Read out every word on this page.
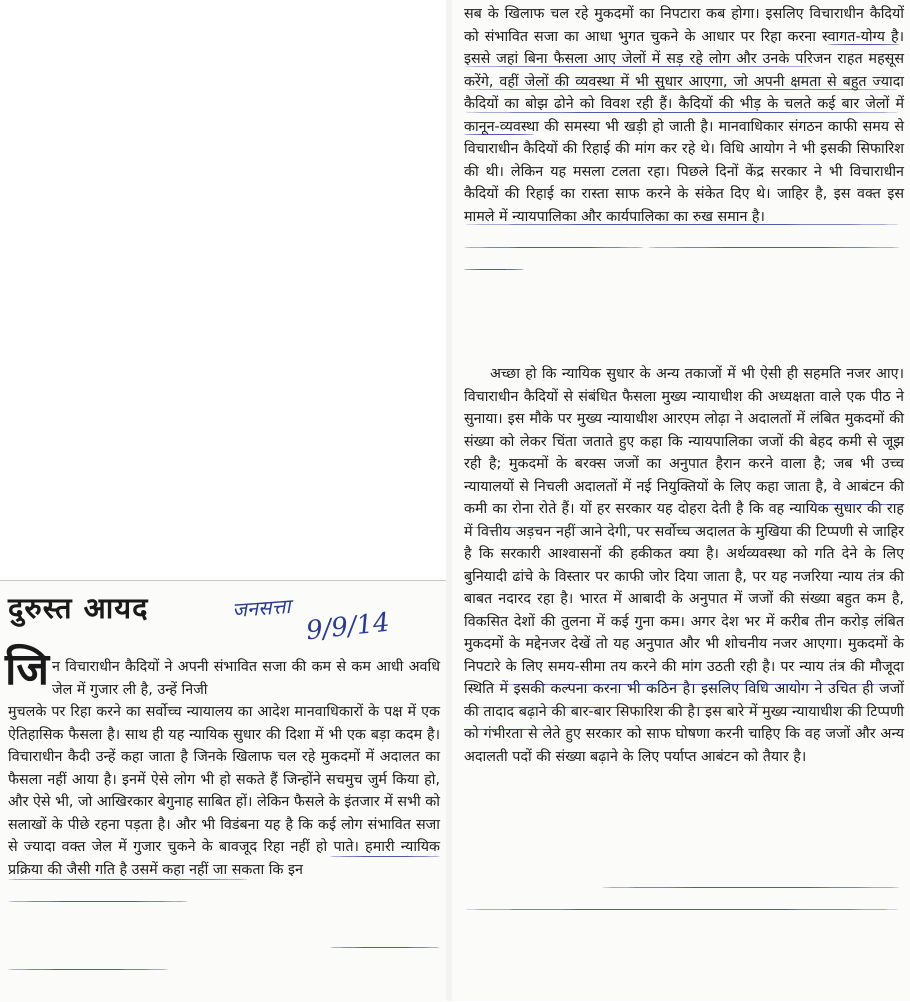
सब के खिलाफ चल रहे मुकदमों का निपटारा कब होगा। इसलिए विचाराधीन कैदियों को संभावित सजा का आधा भुगत चुकने के आधार पर रिहा करना स्वागत-योग्य है। इससे जहां बिना फैसला आए जेलों में सड़ रहे लोग और उनके परिजन राहत महसूस करेंगे, वहीं जेलों की व्यवस्था में भी सुधार आएगा, जो अपनी क्षमता से बहुत ज्यादा कैदियों का बोझ ढोने को विवश रही हैं। कैदियों की भीड़ के चलते कई बार जेलों में कानून-व्यवस्था की समस्या भी खड़ी हो जाती है। मानवाधिकार संगठन काफी समय से विचाराधीन कैदियों की रिहाई की मांग कर रहे थे। विधि आयोग ने भी इसकी सिफारिश की थी। लेकिन यह मसला टलता रहा। पिछले दिनों केंद्र सरकार ने भी विचाराधीन कैदियों की रिहाई का रास्ता साफ करने के संकेत दिए थे। जाहिर है, इस वक्त इस मामले में न्यायपालिका और कार्यपालिका का रुख समान है।

अच्छा हो कि न्यायिक सुधार के अन्य तकाजों में भी ऐसी ही सहमति नजर आए। विचाराधीन कैदियों से संबंधित फैसला मुख्य न्यायाधीश की अध्यक्षता वाले एक पीठ ने सुनाया। इस मौके पर मुख्य न्यायाधीश आरएम लोढ़ा ने अदालतों में लंबित मुकदमों की संख्या को लेकर चिंता जताते हुए कहा कि न्यायपालिका जजों की बेहद कमी से जूझ रही है; मुकदमों के बरक्स जजों का अनुपात हैरान करने वाला है; जब भी उच्च न्यायालयों से निचली अदालतों में नई नियुक्तियों के लिए कहा जाता है, वे आबंटन की कमी का रोना रोते हैं। यों हर सरकार यह दोहरा देती है कि वह न्यायिक सुधार की राह में वित्तीय अड़चन नहीं आने देगी, पर सर्वोच्च अदालत के मुखिया की टिप्पणी से जाहिर है कि सरकारी आश्वासनों की हकीकत क्या है। अर्थव्यवस्था को गति देने के लिए बुनियादी ढांचे के विस्तार पर काफी जोर दिया जाता है, पर यह नजरिया न्याय तंत्र की बाबत नदारद रहा है। भारत में आबादी के अनुपात में जजों की संख्या बहुत कम है, विकसित देशों की तुलना में कई गुना कम। अगर देश भर में करीब तीन करोड़ लंबित मुकदमों के मद्देनजर देखें तो यह अनुपात और भी शोचनीय नजर आएगा। मुकदमों के निपटारे के लिए समय-सीमा तय करने की मांग उठती रही है। पर न्याय तंत्र की मौजूदा स्थिति में इसकी कल्पना करना भी कठिन है। इसलिए विधि आयोग ने उचित ही जजों की तादाद बढ़ाने की बार-बार सिफारिश की है। इस बारे में मुख्य न्यायाधीश की टिप्पणी को गंभीरता से लेते हुए सरकार को साफ घोषणा करनी चाहिए कि वह जजों और अन्य अदालती पदों की संख्या बढ़ाने के लिए पर्याप्त आबंटन को तैयार है।

दुरुस्त आयद	जनसत्ता 9/9/14
जि न विचाराधीन कैदियों ने अपनी संभावित सजा की कम से कम आधी अवधि जेल में गुजार ली है, उन्हें निजी

मुचलके पर रिहा करने का सर्वोच्च न्यायालय का आदेश मानवाधिकारों के पक्ष में एक ऐतिहासिक फैसला है। साथ ही यह न्यायिक सुधार की दिशा में भी एक बड़ा कदम है। विचाराधीन कैदी उन्हें कहा जाता है जिनके खिलाफ चल रहे मुकदमों में अदालत का फैसला नहीं आया है। इनमें ऐसे लोग भी हो सकते हैं जिन्होंने सचमुच जुर्म किया हो, और ऐसे भी, जो आखिरकार बेगुनाह साबित हों। लेकिन फैसले के इंतजार में सभी को सलाखों के पीछे रहना पड़ता है। और भी विडंबना यह है कि कई लोग संभावित सजा से ज्यादा वक्त जेल में गुजार चुकने के बावजूद रिहा नहीं हो पाते। हमारी न्यायिक प्रक्रिया की जैसी गति है उसमें कहा नहीं जा सकता कि इन
